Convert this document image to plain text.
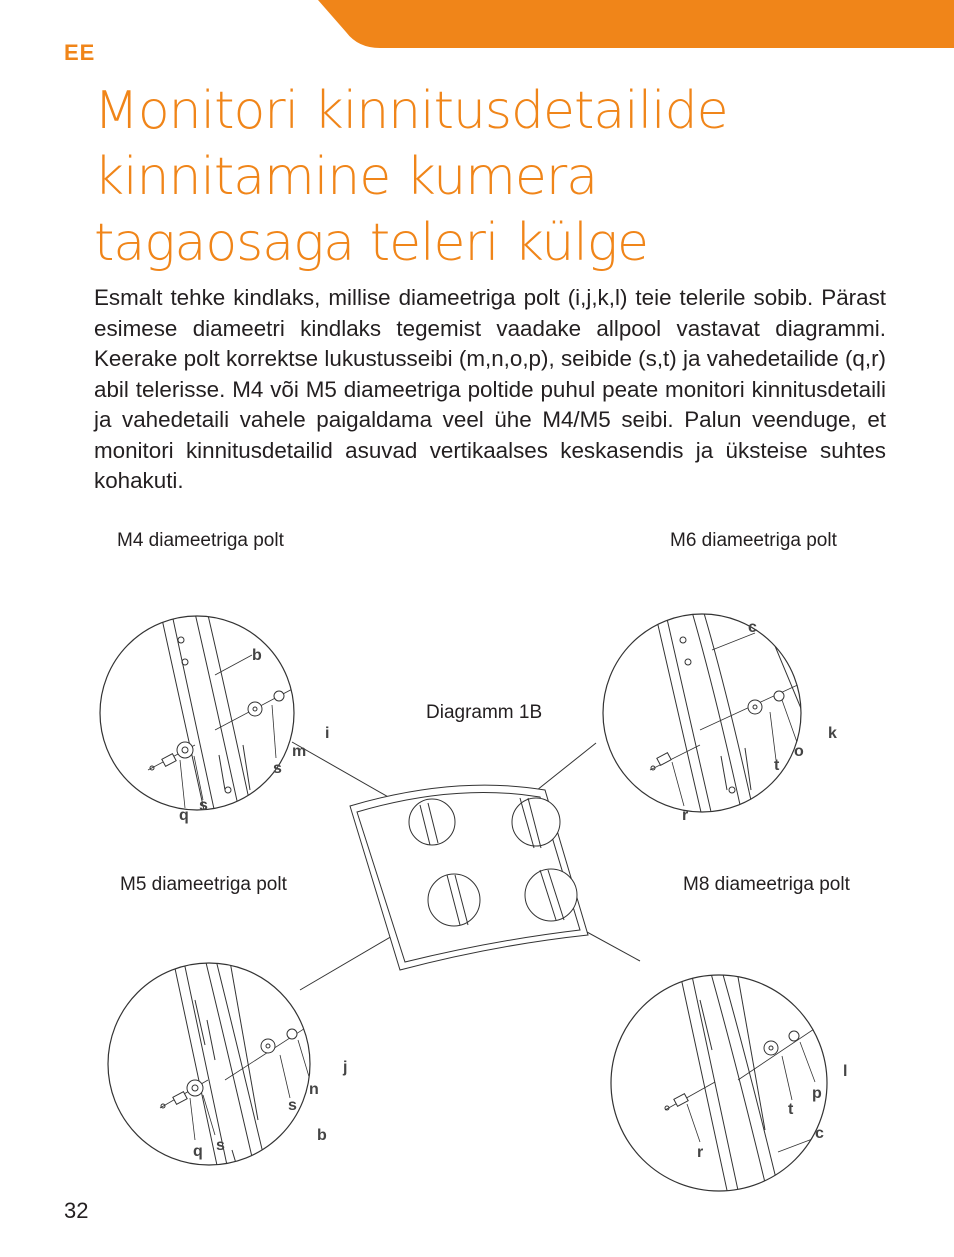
EE
Monitori kinnitusdetailide
kinnitamine kumera
tagaosaga teleri külge

Esmalt tehke kindlaks, millise diameetriga polt (i,j,k,l) teie telerile sobib. Pärast esimese diameetri kindlaks tegemist vaadake allpool vastavat diagrammi. Keerake polt korrektse lukustusseibi (m,n,o,p), seibide (s,t) ja vahedetailide (q,r) abil telerisse. M4 või M5 diameetriga poltide puhul peate monitori kinnitusdetaili ja vahedetaili vahele paigaldama veel ühe M4/M5 seibi. Palun veenduge, et monitori kinnitusdetailid asuvad vertikaalses keskasendis ja üksteise suhtes kohakuti.

M4 diameetriga polt	M6 diameetriga polt
M5 diameetriga polt	M8 diameetriga polt
Diagramm 1B
b
i
m
s
s
q
c
k
o
t
r
j
n
s
s
q
b
l
p
t
r
c
32
